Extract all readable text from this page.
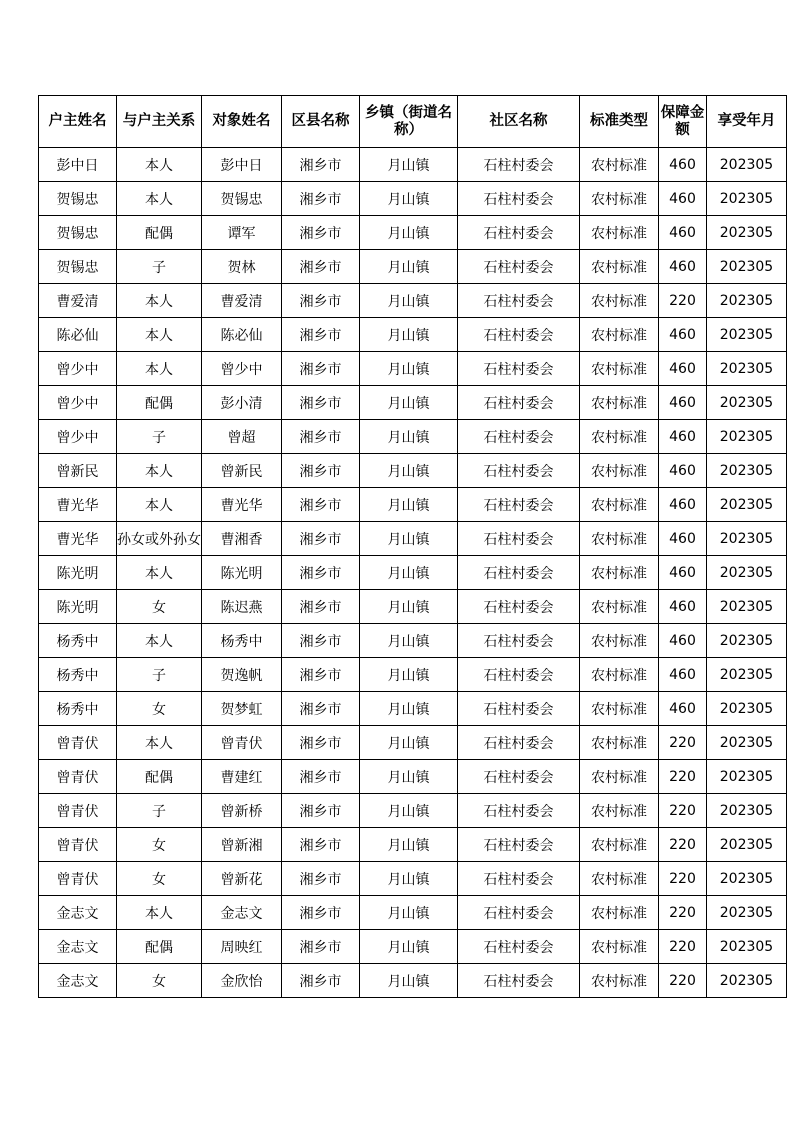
户主姓名	与户主关系	对象姓名	区县名称	乡镇（街道名称）	社区名称	标准类型	保障金额	享受年月
彭中日	本人	彭中日	湘乡市	月山镇	石柱村委会	农村标准	460	202305
贺锡忠	本人	贺锡忠	湘乡市	月山镇	石柱村委会	农村标准	460	202305
贺锡忠	配偶	谭军	湘乡市	月山镇	石柱村委会	农村标准	460	202305
贺锡忠	子	贺林	湘乡市	月山镇	石柱村委会	农村标准	460	202305
曹爱清	本人	曹爱清	湘乡市	月山镇	石柱村委会	农村标准	220	202305
陈必仙	本人	陈必仙	湘乡市	月山镇	石柱村委会	农村标准	460	202305
曾少中	本人	曾少中	湘乡市	月山镇	石柱村委会	农村标准	460	202305
曾少中	配偶	彭小清	湘乡市	月山镇	石柱村委会	农村标准	460	202305
曾少中	子	曾超	湘乡市	月山镇	石柱村委会	农村标准	460	202305
曾新民	本人	曾新民	湘乡市	月山镇	石柱村委会	农村标准	460	202305
曹光华	本人	曹光华	湘乡市	月山镇	石柱村委会	农村标准	460	202305
曹光华	孙女或外孙女	曹湘香	湘乡市	月山镇	石柱村委会	农村标准	460	202305
陈光明	本人	陈光明	湘乡市	月山镇	石柱村委会	农村标准	460	202305
陈光明	女	陈迟燕	湘乡市	月山镇	石柱村委会	农村标准	460	202305
杨秀中	本人	杨秀中	湘乡市	月山镇	石柱村委会	农村标准	460	202305
杨秀中	子	贺逸帆	湘乡市	月山镇	石柱村委会	农村标准	460	202305
杨秀中	女	贺梦虹	湘乡市	月山镇	石柱村委会	农村标准	460	202305
曾青伏	本人	曾青伏	湘乡市	月山镇	石柱村委会	农村标准	220	202305
曾青伏	配偶	曹建红	湘乡市	月山镇	石柱村委会	农村标准	220	202305
曾青伏	子	曾新桥	湘乡市	月山镇	石柱村委会	农村标准	220	202305
曾青伏	女	曾新湘	湘乡市	月山镇	石柱村委会	农村标准	220	202305
曾青伏	女	曾新花	湘乡市	月山镇	石柱村委会	农村标准	220	202305
金志文	本人	金志文	湘乡市	月山镇	石柱村委会	农村标准	220	202305
金志文	配偶	周映红	湘乡市	月山镇	石柱村委会	农村标准	220	202305
金志文	女	金欣怡	湘乡市	月山镇	石柱村委会	农村标准	220	202305
